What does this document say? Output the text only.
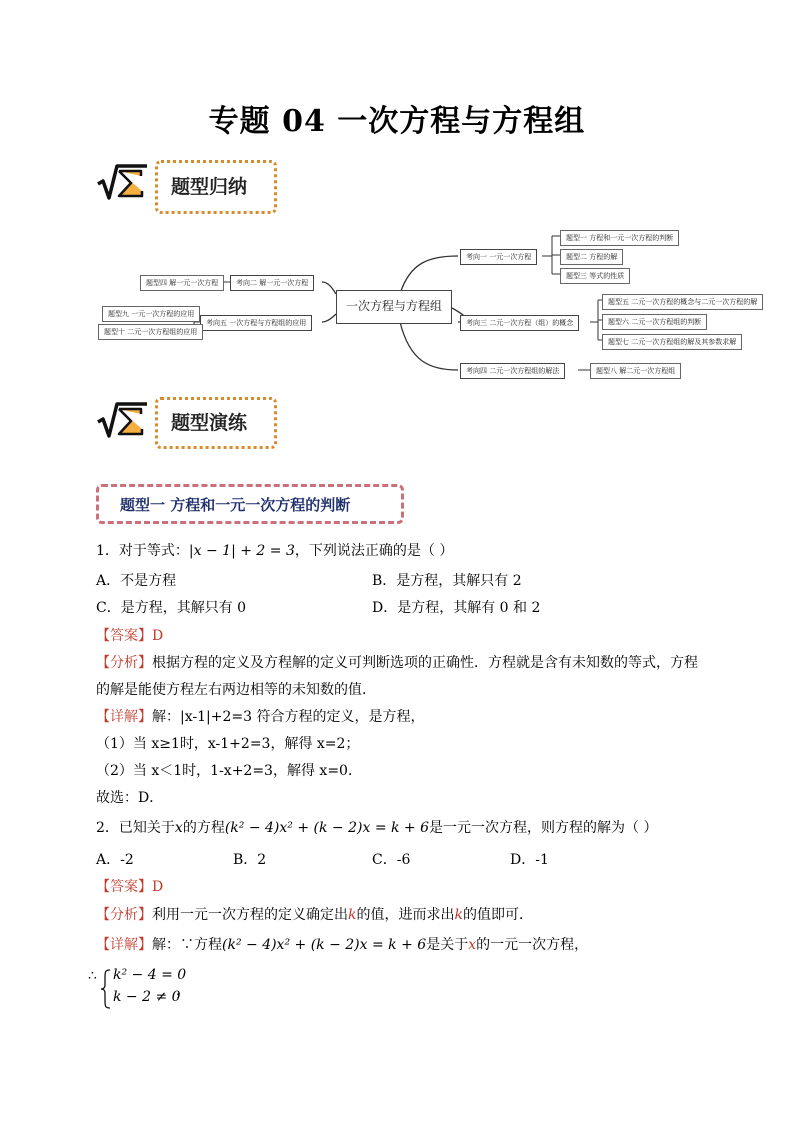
专题 04 一次方程与方程组
题型归纳
一次方程与方程组
考向一 一元一次方程
考向二 解一元一次方程
考向三 二元一次方程（组）的概念
考向四 二元一次方程组的解法
考向五 一次方程与方程组的应用
题型一 方程和一元一次方程的判断
题型二 方程的解
题型三 等式的性质
题型四 解一元一次方程
题型五 二元一次方程的概念与二元一次方程的解
题型六 二元一次方程组的判断
题型七 二元一次方程组的解及其参数求解
题型八 解二元一次方程组
题型九 一元一次方程的应用
题型十 二元一次方程组的应用
题型演练
题型一 方程和一元一次方程的判断
1．对于等式：|x − 1| + 2 = 3，下列说法正确的是（ ）
A．不是方程	B．是方程，其解只有 2
C．是方程，其解只有 0	D．是方程，其解有 0 和 2
【答案】D
【分析】根据方程的定义及方程解的定义可判断选项的正确性．方程就是含有未知数的等式，方程
的解是能使方程左右两边相等的未知数的值．
【详解】解：|x-1|+2=3 符合方程的定义，是方程，
（1）当 x≥1时，x-1+2=3，解得 x=2；
（2）当 x＜1时，1-x+2=3，解得 x=0．
故选：D．
2．已知关于x的方程(k² − 4)x² + (k − 2)x = k + 6是一元一次方程，则方程的解为（ ）
A．-2	B．2	C．-6	D．-1
【答案】D
【分析】利用一元一次方程的定义确定出k的值，进而求出k的值即可．
【详解】解：∵方程(k² − 4)x² + (k − 2)x = k + 6是关于x的一元一次方程，
∴ k² − 4 = 0
k − 2 ≠ 0
，
